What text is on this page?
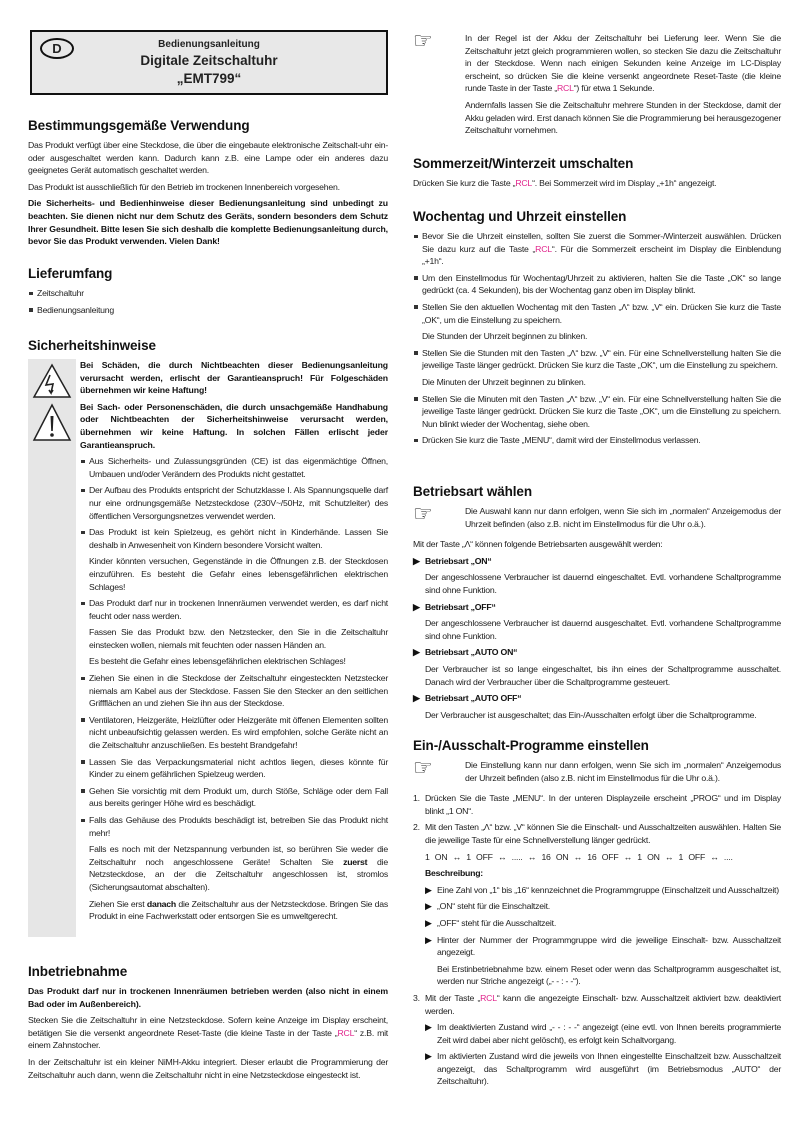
D	Bedienungsanleitung
Digitale Zeitschaltuhr
„EMT799“
Bestimmungsgemäße Verwendung
Das Produkt verfügt über eine Steckdose, die über die eingebaute elektronische Zeitschalt-uhr ein- oder ausgeschaltet werden kann. Dadurch kann z.B. eine Lampe oder ein anderes dazu geeignetes Gerät automatisch geschaltet werden.
Das Produkt ist ausschließlich für den Betrieb im trockenen Innenbereich vorgesehen.
Die Sicherheits- und Bedienhinweise dieser Bedienungsanleitung sind unbedingt zu beachten. Sie dienen nicht nur dem Schutz des Geräts, sondern besonders dem Schutz Ihrer Gesundheit. Bitte lesen Sie sich deshalb die komplette Bedienungsanleitung durch, bevor Sie das Produkt verwenden. Vielen Dank!
Lieferumfang
Zeitschaltuhr
Bedienungsanleitung
Sicherheitshinweise
Bei Schäden, die durch Nichtbeachten dieser Bedienungsanleitung verursacht werden, erlischt der Garantieanspruch! Für Folgeschäden übernehmen wir keine Haftung!
Bei Sach- oder Personenschäden, die durch unsachgemäße Handhabung oder Nichtbeachten der Sicherheitshinweise verursacht werden, übernehmen wir keine Haftung. In solchen Fällen erlischt jeder Garantieanspruch.
Aus Sicherheits- und Zulassungsgründen (CE) ist das eigenmächtige Öffnen, Umbauen und/oder Verändern des Produkts nicht gestattet.
Der Aufbau des Produkts entspricht der Schutzklasse I. Als Spannungsquelle darf nur eine ordnungsgemäße Netzsteckdose (230V~/50Hz, mit Schutzleiter) des öffentlichen Versorgungsnetzes verwendet werden.
Das Produkt ist kein Spielzeug, es gehört nicht in Kinderhände. Lassen Sie deshalb in Anwesenheit von Kindern besondere Vorsicht walten.
Kinder könnten versuchen, Gegenstände in die Öffnungen z.B. der Steckdosen einzuführen. Es besteht die Gefahr eines lebensgefährlichen elektrischen Schlages!
Das Produkt darf nur in trockenen Innenräumen verwendet werden, es darf nicht feucht oder nass werden.
Fassen Sie das Produkt bzw. den Netzstecker, den Sie in die Zeitschaltuhr einstecken wollen, niemals mit feuchten oder nassen Händen an.
Es besteht die Gefahr eines lebensgefährlichen elektrischen Schlages!
Ziehen Sie einen in die Steckdose der Zeitschaltuhr eingesteckten Netzstecker niemals am Kabel aus der Steckdose. Fassen Sie den Stecker an den seitlichen Griffflächen an und ziehen Sie ihn aus der Steckdose.
Ventilatoren, Heizgeräte, Heizlüfter oder Heizgeräte mit öffenen Elementen sollten nicht unbeaufsichtig gelassen werden. Es wird empfohlen, solche Geräte nicht an die Zeitschaltuhr anzuschließen. Es besteht Brandgefahr!
Lassen Sie das Verpackungsmaterial nicht achtlos liegen, dieses könnte für Kinder zu einem gefährlichen Spielzeug werden.
Gehen Sie vorsichtig mit dem Produkt um, durch Stöße, Schläge oder dem Fall aus bereits geringer Höhe wird es beschädigt.
Falls das Gehäuse des Produkts beschädigt ist, betreiben Sie das Produkt nicht mehr!
Falls es noch mit der Netzspannung verbunden ist, so berühren Sie weder die Zeitschaltuhr noch angeschlossene Geräte! Schalten Sie zuerst die Netzsteckdose, an der die Zeitschaltuhr angeschlossen ist, stromlos (Sicherungsautomat abschalten).
Ziehen Sie erst danach die Zeitschaltuhr aus der Netzsteckdose. Bringen Sie das Produkt in eine Fachwerkstatt oder entsorgen Sie es umweltgerecht.
Inbetriebnahme
Das Produkt darf nur in trockenen Innenräumen betrieben werden (also nicht in einem Bad oder im Außenbereich).
Stecken Sie die Zeitschaltuhr in eine Netzsteckdose. Sofern keine Anzeige im Display erscheint, betätigen Sie die versenkt angeordnete Reset-Taste (die kleine Taste in der Taste „RCL“ z.B. mit einem Zahnstocher.
In der Zeitschaltuhr ist ein kleiner NiMH-Akku integriert. Dieser erlaubt die Programmierung der Zeitschaltuhr auch dann, wenn die Zeitschaltuhr nicht in eine Netzsteckdose eingesteckt ist.
☞	In der Regel ist der Akku der Zeitschaltuhr bei Lieferung leer. Wenn Sie die Zeitschaltuhr jetzt gleich programmieren wollen, so stecken Sie dazu die Zeitschaltuhr in der Steckdose. Wenn nach einigen Sekunden keine Anzeige im LC-Display erscheint, so drücken Sie die kleine versenkt angeordnete Reset-Taste (die kleine runde Taste in der Taste „RCL“) für etwa 1 Sekunde.
Andernfalls lassen Sie die Zeitschaltuhr mehrere Stunden in der Steckdose, damit der Akku geladen wird. Erst danach können Sie die Programmierung bei herausgezogener Zeitschaltuhr vornehmen.
Sommerzeit/Winterzeit umschalten
Drücken Sie kurz die Taste „RCL“. Bei Sommerzeit wird im Display „+1h“ angezeigt.
Wochentag und Uhrzeit einstellen
Bevor Sie die Uhrzeit einstellen, sollten Sie zuerst die Sommer-/Winterzeit auswählen. Drücken Sie dazu kurz auf die Taste „RCL“. Für die Sommerzeit erscheint im Display die Einblendung „+1h“.
Um den Einstellmodus für Wochentag/Uhrzeit zu aktivieren, halten Sie die Taste „OK“ so lange gedrückt (ca. 4 Sekunden), bis der Wochentag ganz oben im Display blinkt.
Stellen Sie den aktuellen Wochentag mit den Tasten „Λ“ bzw. „V“ ein. Drücken Sie kurz die Taste „OK“, um die Einstellung zu speichern.
Die Stunden der Uhrzeit beginnen zu blinken.
Stellen Sie die Stunden mit den Tasten „Λ“ bzw. „V“ ein. Für eine Schnellverstellung halten Sie die jeweilige Taste länger gedrückt. Drücken Sie kurz die Taste „OK“, um die Einstellung zu speichern.
Die Minuten der Uhrzeit beginnen zu blinken.
Stellen Sie die Minuten mit den Tasten „Λ“ bzw. „V“ ein. Für eine Schnellverstellung halten Sie die jeweilige Taste länger gedrückt. Drücken Sie kurz die Taste „OK“, um die Einstellung zu speichern. Nun blinkt wieder der Wochentag, siehe oben.
Drücken Sie kurz die Taste „MENU“, damit wird der Einstellmodus verlassen.
Betriebsart wählen
☞	Die Auswahl kann nur dann erfolgen, wenn Sie sich im „normalen“ Anzeigemodus der Uhrzeit befinden (also z.B. nicht im Einstellmodus für die Uhr o.ä.).
Mit der Taste „Λ“ können folgende Betriebsarten ausgewählt werden:
▶ Betriebsart „ON“
Der angeschlossene Verbraucher ist dauernd eingeschaltet. Evtl. vorhandene Schaltprogramme sind ohne Funktion.
▶ Betriebsart „OFF“
Der angeschlossene Verbraucher ist dauernd ausgeschaltet. Evtl. vorhandene Schaltprogramme sind ohne Funktion.
▶ Betriebsart „AUTO ON“
Der Verbraucher ist so lange eingeschaltet, bis ihn eines der Schaltprogramme ausschaltet. Danach wird der Verbraucher über die Schaltprogramme gesteuert.
▶ Betriebsart „AUTO OFF“
Der Verbraucher ist ausgeschaltet; das Ein-/Ausschalten erfolgt über die Schaltprogramme.
Ein-/Ausschalt-Programme einstellen
☞	Die Einstellung kann nur dann erfolgen, wenn Sie sich im „normalen“ Anzeigemodus der Uhrzeit befinden (also z.B. nicht im Einstellmodus für die Uhr o.ä.).
1. Drücken Sie die Taste „MENU“. In der unteren Displayzeile erscheint „PROG“ und im Display blinkt „1 ON“.
2. Mit den Tasten „Λ“ bzw. „V“ können Sie die Einschalt- und Ausschaltzeiten auswählen. Halten Sie die jeweilige Taste für eine Schnellverstellung länger gedrückt.
1 ON ↔ 1 OFF ↔ ..... ↔ 16 ON ↔ 16 OFF ↔ 1 ON ↔ 1 OFF ↔ ....
Beschreibung:
▶ Eine Zahl von „1“ bis „16“ kennzeichnet die Programmgruppe (Einschaltzeit und Ausschaltzeit)
▶ „ON“ steht für die Einschaltzeit.
▶ „OFF“ steht für die Ausschaltzeit.
▶ Hinter der Nummer der Programmgruppe wird die jeweilige Einschalt- bzw. Ausschaltzeit angezeigt.
Bei Erstinbetriebnahme bzw. einem Reset oder wenn das Schaltprogramm ausgeschaltet ist, werden nur Striche angezeigt („- - : - -“).
3. Mit der Taste „RCL“ kann die angezeigte Einschalt- bzw. Ausschaltzeit aktiviert bzw. deaktiviert werden.
▶ Im deaktivierten Zustand wird „- - : - -“ angezeigt (eine evtl. von Ihnen bereits programmierte Zeit wird dabei aber nicht gelöscht), es erfolgt kein Schaltvorgang.
▶ Im aktivierten Zustand wird die jeweils von Ihnen eingestellte Einschaltzeit bzw. Ausschaltzeit angezeigt, das Schaltprogramm wird ausgeführt (im Betriebsmodus „AUTO“ der Zeitschaltuhr).
